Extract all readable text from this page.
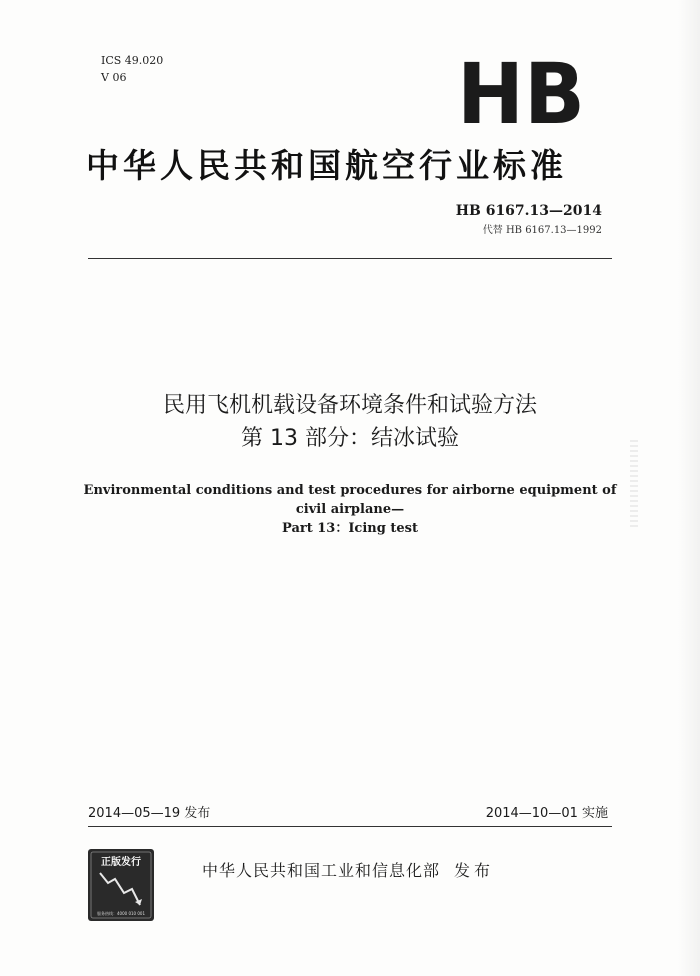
ICS 49.020
V 06	HB
中华人民共和国航空行业标准
HB 6167.13—2014
代替 HB 6167.13—1992
民用飞机机载设备环境条件和试验方法
第 13 部分：结冰试验
Environmental conditions and test procedures for airborne equipment of
civil airplane—
Part 13：Icing test
2014—05—19 发布	2014—10—01 实施
正版发行
服务热线：4000 010 001
中华人民共和国工业和信息化部 发布
